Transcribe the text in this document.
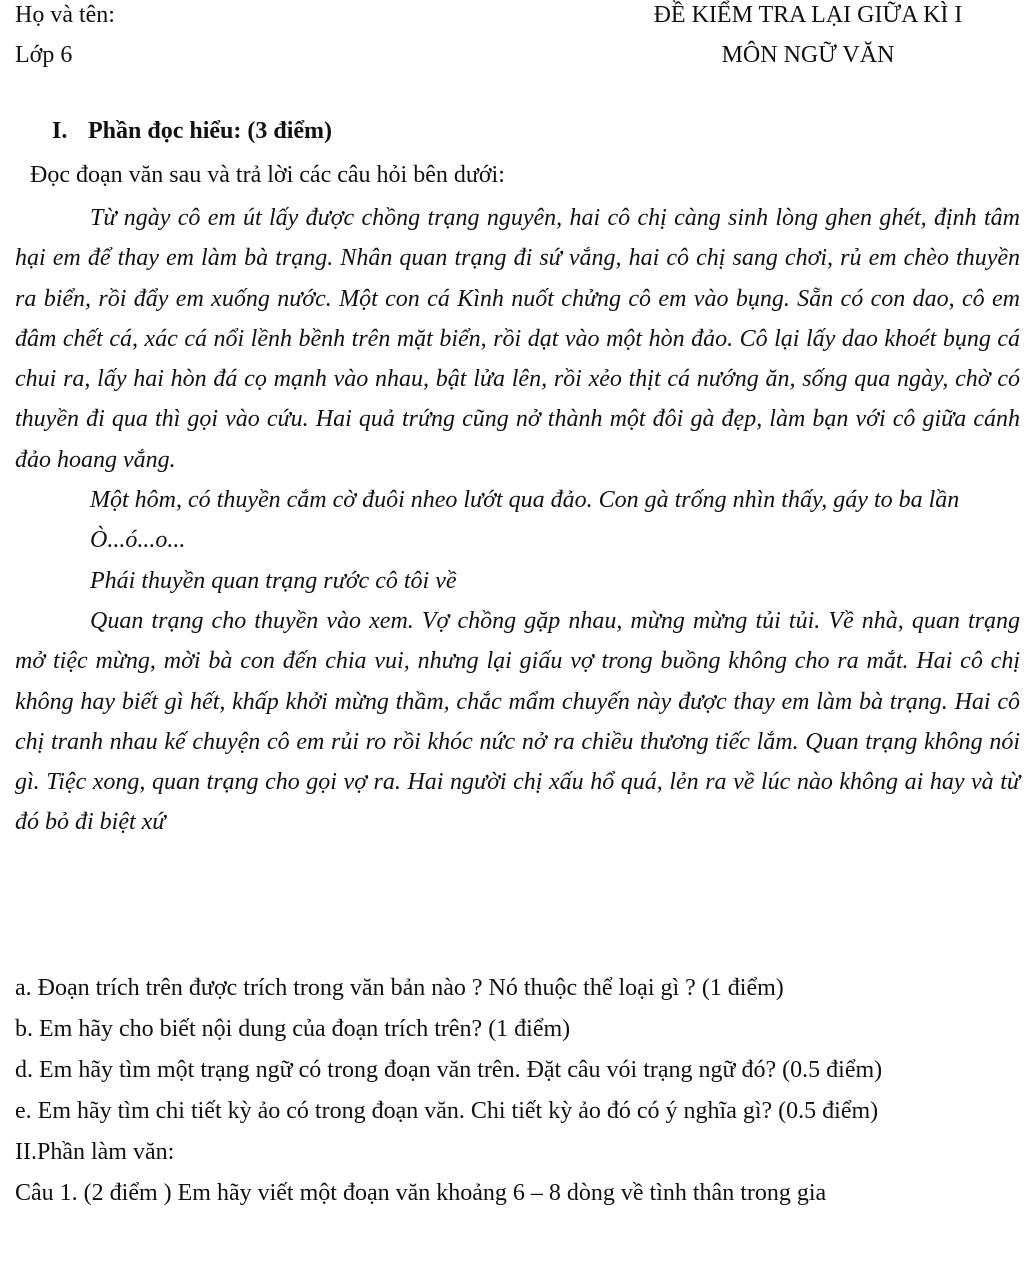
Họ và tên:
Lớp 6
ĐỀ KIỂM TRA LẠI GIỮA KÌ I
MÔN NGỮ VĂN
I. Phần đọc hiểu: (3 điểm)
Đọc đoạn văn sau và trả lời các câu hỏi bên dưới:

Từ ngày cô em út lấy được chồng trạng nguyên, hai cô chị càng sinh lòng ghen ghét, định tâm hại em để thay em làm bà trạng. Nhân quan trạng đi sứ vắng, hai cô chị sang chơi, rủ em chèo thuyền ra biển, rồi đẩy em xuống nước. Một con cá Kình nuốt chửng cô em vào bụng. Sẵn có con dao, cô em đâm chết cá, xác cá nổi lềnh bềnh trên mặt biển, rồi dạt vào một hòn đảo. Cô lại lấy dao khoét bụng cá chui ra, lấy hai hòn đá cọ mạnh vào nhau, bật lửa lên, rồi xẻo thịt cá nướng ăn, sống qua ngày, chờ có thuyền đi qua thì gọi vào cứu. Hai quả trứng cũng nở thành một đôi gà đẹp, làm bạn với cô giữa cánh đảo hoang vắng.

Một hôm, có thuyền cắm cờ đuôi nheo lướt qua đảo. Con gà trống nhìn thấy, gáy to ba lần

Ò...ó...o...

Phái thuyền quan trạng rước cô tôi về

Quan trạng cho thuyền vào xem. Vợ chồng gặp nhau, mừng mừng tủi tủi. Về nhà, quan trạng mở tiệc mừng, mời bà con đến chia vui, nhưng lại giấu vợ trong buồng không cho ra mắt. Hai cô chị không hay biết gì hết, khấp khởi mừng thầm, chắc mẩm chuyến này được thay em làm bà trạng. Hai cô chị tranh nhau kế chuyện cô em rủi ro rồi khóc nức nở ra chiều thương tiếc lắm. Quan trạng không nói gì. Tiệc xong, quan trạng cho gọi vợ ra. Hai người chị xấu hổ quá, lẻn ra về lúc nào không ai hay và từ đó bỏ đi biệt xứ

a. Đoạn trích trên được trích trong văn bản nào ? Nó thuộc thể loại gì ? (1 điểm)

b. Em hãy cho biết nội dung của đoạn trích trên? (1 điểm)

d. Em hãy tìm một trạng ngữ có trong đoạn văn trên. Đặt câu vói trạng ngữ đó? (0.5 điểm)

e. Em hãy tìm chi tiết kỳ ảo có trong đoạn văn. Chi tiết kỳ ảo đó có ý nghĩa gì? (0.5 điểm)

II.Phần làm văn:

Câu 1. (2 điểm ) Em hãy viết một đoạn văn khoảng 6 – 8 dòng về tình thân trong gia
